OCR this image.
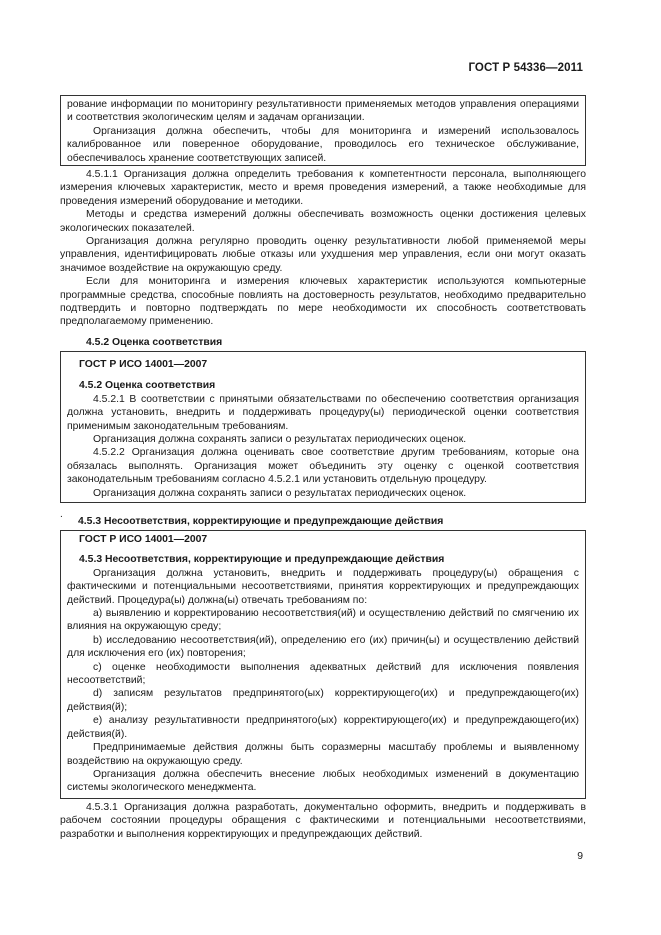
ГОСТ Р 54336—2011

рование информации по мониторингу результативности применяемых методов управления операциями и соответствия экологическим целям и задачам организации.

Организация должна обеспечить, чтобы для мониторинга и измерений использовалось калиброванное или поверенное оборудование, проводилось его техническое обслуживание, обеспечивалось хранение соответствующих записей.

4.5.1.1 Организация должна определить требования к компетентности персонала, выполняющего измерения ключевых характеристик, место и время проведения измерений, а также необходимые для проведения измерений оборудование и методики.

Методы и средства измерений должны обеспечивать возможность оценки достижения целевых экологических показателей.

Организация должна регулярно проводить оценку результативности любой применяемой меры управления, идентифицировать любые отказы или ухудшения мер управления, если они могут оказать значимое воздействие на окружающую среду.

Если для мониторинга и измерения ключевых характеристик используются компьютерные программные средства, способные повлиять на достоверность результатов, необходимо предварительно подтвердить и повторно подтверждать по мере необходимости их способность соответствовать предполагаемому применению.

4.5.2 Оценка соответствия

ГОСТ Р ИСО 14001—2007

4.5.2 Оценка соответствия

4.5.2.1 В соответствии с принятыми обязательствами по обеспечению соответствия организация должна установить, внедрить и поддерживать процедуру(ы) периодической оценки соответствия применимым законодательным требованиям.

Организация должна сохранять записи о результатах периодических оценок.

4.5.2.2 Организация должна оценивать свое соответствие другим требованиям, которые она обязалась выполнять. Организация может объединить эту оценку с оценкой соответствия законодательным требованиям согласно 4.5.2.1 или установить отдельную процедуру.

Организация должна сохранять записи о результатах периодических оценок.

.

4.5.3 Несоответствия, корректирующие и предупреждающие действия

ГОСТ Р ИСО 14001—2007

4.5.3 Несоответствия, корректирующие и предупреждающие действия

Организация должна установить, внедрить и поддерживать процедуру(ы) обращения с фактическими и потенциальными несоответствиями, принятия корректирующих и предупреждающих действий. Процедура(ы) должна(ы) отвечать требованиям по:

a) выявлению и корректированию несоответствия(ий) и осуществлению действий по смягчению их влияния на окружающую среду;

b) исследованию несоответствия(ий), определению его (их) причин(ы) и осуществлению действий для исключения его (их) повторения;

c) оценке необходимости выполнения адекватных действий для исключения появления несоответствий;

d) записям результатов предпринятого(ых) корректирующего(их) и предупреждающего(их) действия(й);

e) анализу результативности предпринятого(ых) корректирующего(их) и предупреждающего(их) действия(й).

Предпринимаемые действия должны быть соразмерны масштабу проблемы и выявленному воздействию на окружающую среду.

Организация должна обеспечить внесение любых необходимых изменений в документацию системы экологического менеджмента.

4.5.3.1 Организация должна разработать, документально оформить, внедрить и поддерживать в рабочем состоянии процедуры обращения с фактическими и потенциальными несоответствиями, разработки и выполнения корректирующих и предупреждающих действий.

9
